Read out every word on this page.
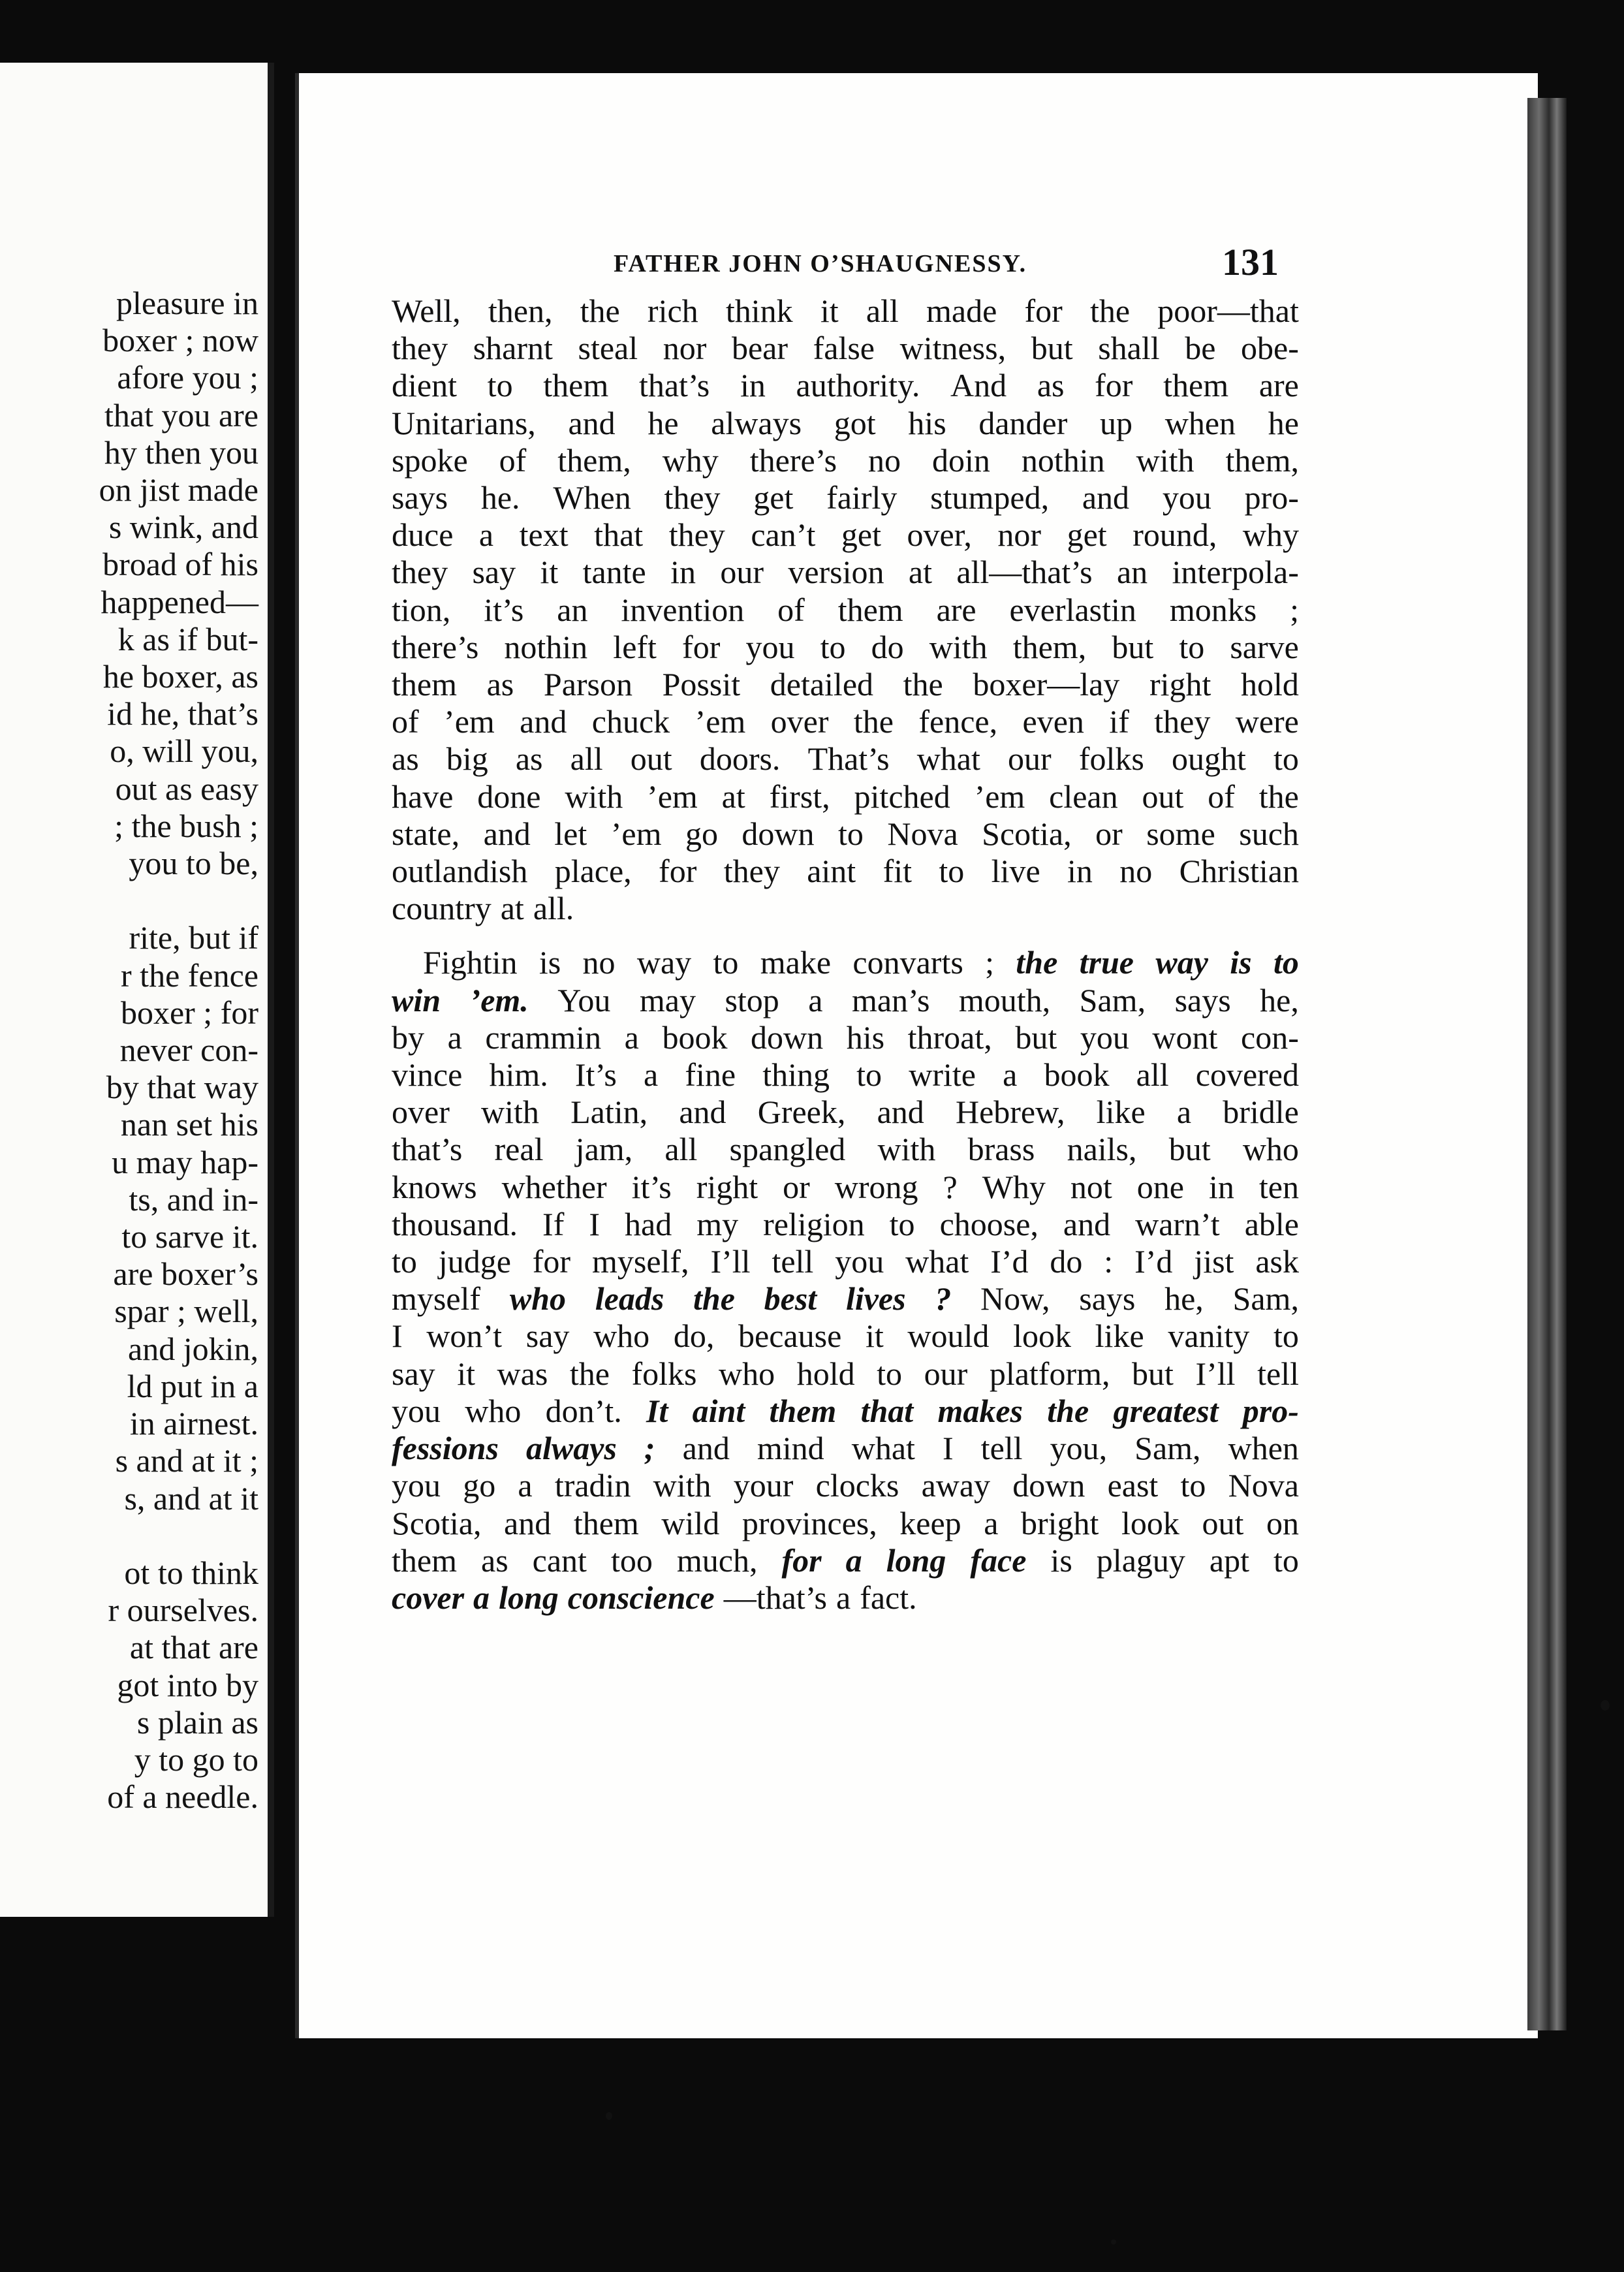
pleasure in
boxer ; now
afore you ;
that you are
hy then you
on jist made
s wink, and
broad of his
happened—
k as if but-
he boxer, as
id he, that’s
o, will you,
out as easy
; the bush ;
you to be,

rite, but if
r the fence
boxer ; for
never con-
by that way
nan set his
u may hap-
ts, and in-
to sarve it.
are boxer’s
spar ; well,
and jokin,
ld put in a
in airnest.
s and at it ;
s, and at it

ot to think
r ourselves.
at that are
got into by
s plain as
y to go to
of a needle.
FATHER JOHN O’SHAUGNESSY.	131
Well, then, the rich think it all made for the poor—that
they sharnt steal nor bear false witness, but shall be obe-
dient to them that’s in authority. And as for them are
Unitarians, and he always got his dander up when he
spoke of them, why there’s no doin nothin with them,
says he. When they get fairly stumped, and you pro-
duce a text that they can’t get over, nor get round, why
they say it tante in our version at all—that’s an interpola-
tion, it’s an invention of them are everlastin monks ;
there’s nothin left for you to do with them, but to sarve
them as Parson Possit detailed the boxer—lay right hold
of ’em and chuck ’em over the fence, even if they were
as big as all out doors. That’s what our folks ought to
have done with ’em at first, pitched ’em clean out of the
state, and let ’em go down to Nova Scotia, or some such
outlandish place, for they aint fit to live in no Christian
country at all.
Fightin is no way to make convarts ; the true way is to
win ’em. You may stop a man’s mouth, Sam, says he,
by a crammin a book down his throat, but you wont con-
vince him. It’s a fine thing to write a book all covered
over with Latin, and Greek, and Hebrew, like a bridle
that’s real jam, all spangled with brass nails, but who
knows whether it’s right or wrong ? Why not one in ten
thousand. If I had my religion to choose, and warn’t able
to judge for myself, I’ll tell you what I’d do : I’d jist ask
myself who leads the best lives ? Now, says he, Sam,
I won’t say who do, because it would look like vanity to
say it was the folks who hold to our platform, but I’ll tell
you who don’t. It aint them that makes the greatest pro-
fessions always ; and mind what I tell you, Sam, when
you go a tradin with your clocks away down east to Nova
Scotia, and them wild provinces, keep a bright look out on
them as cant too much, for a long face is plaguy apt to
cover a long conscience —that’s a fact.
